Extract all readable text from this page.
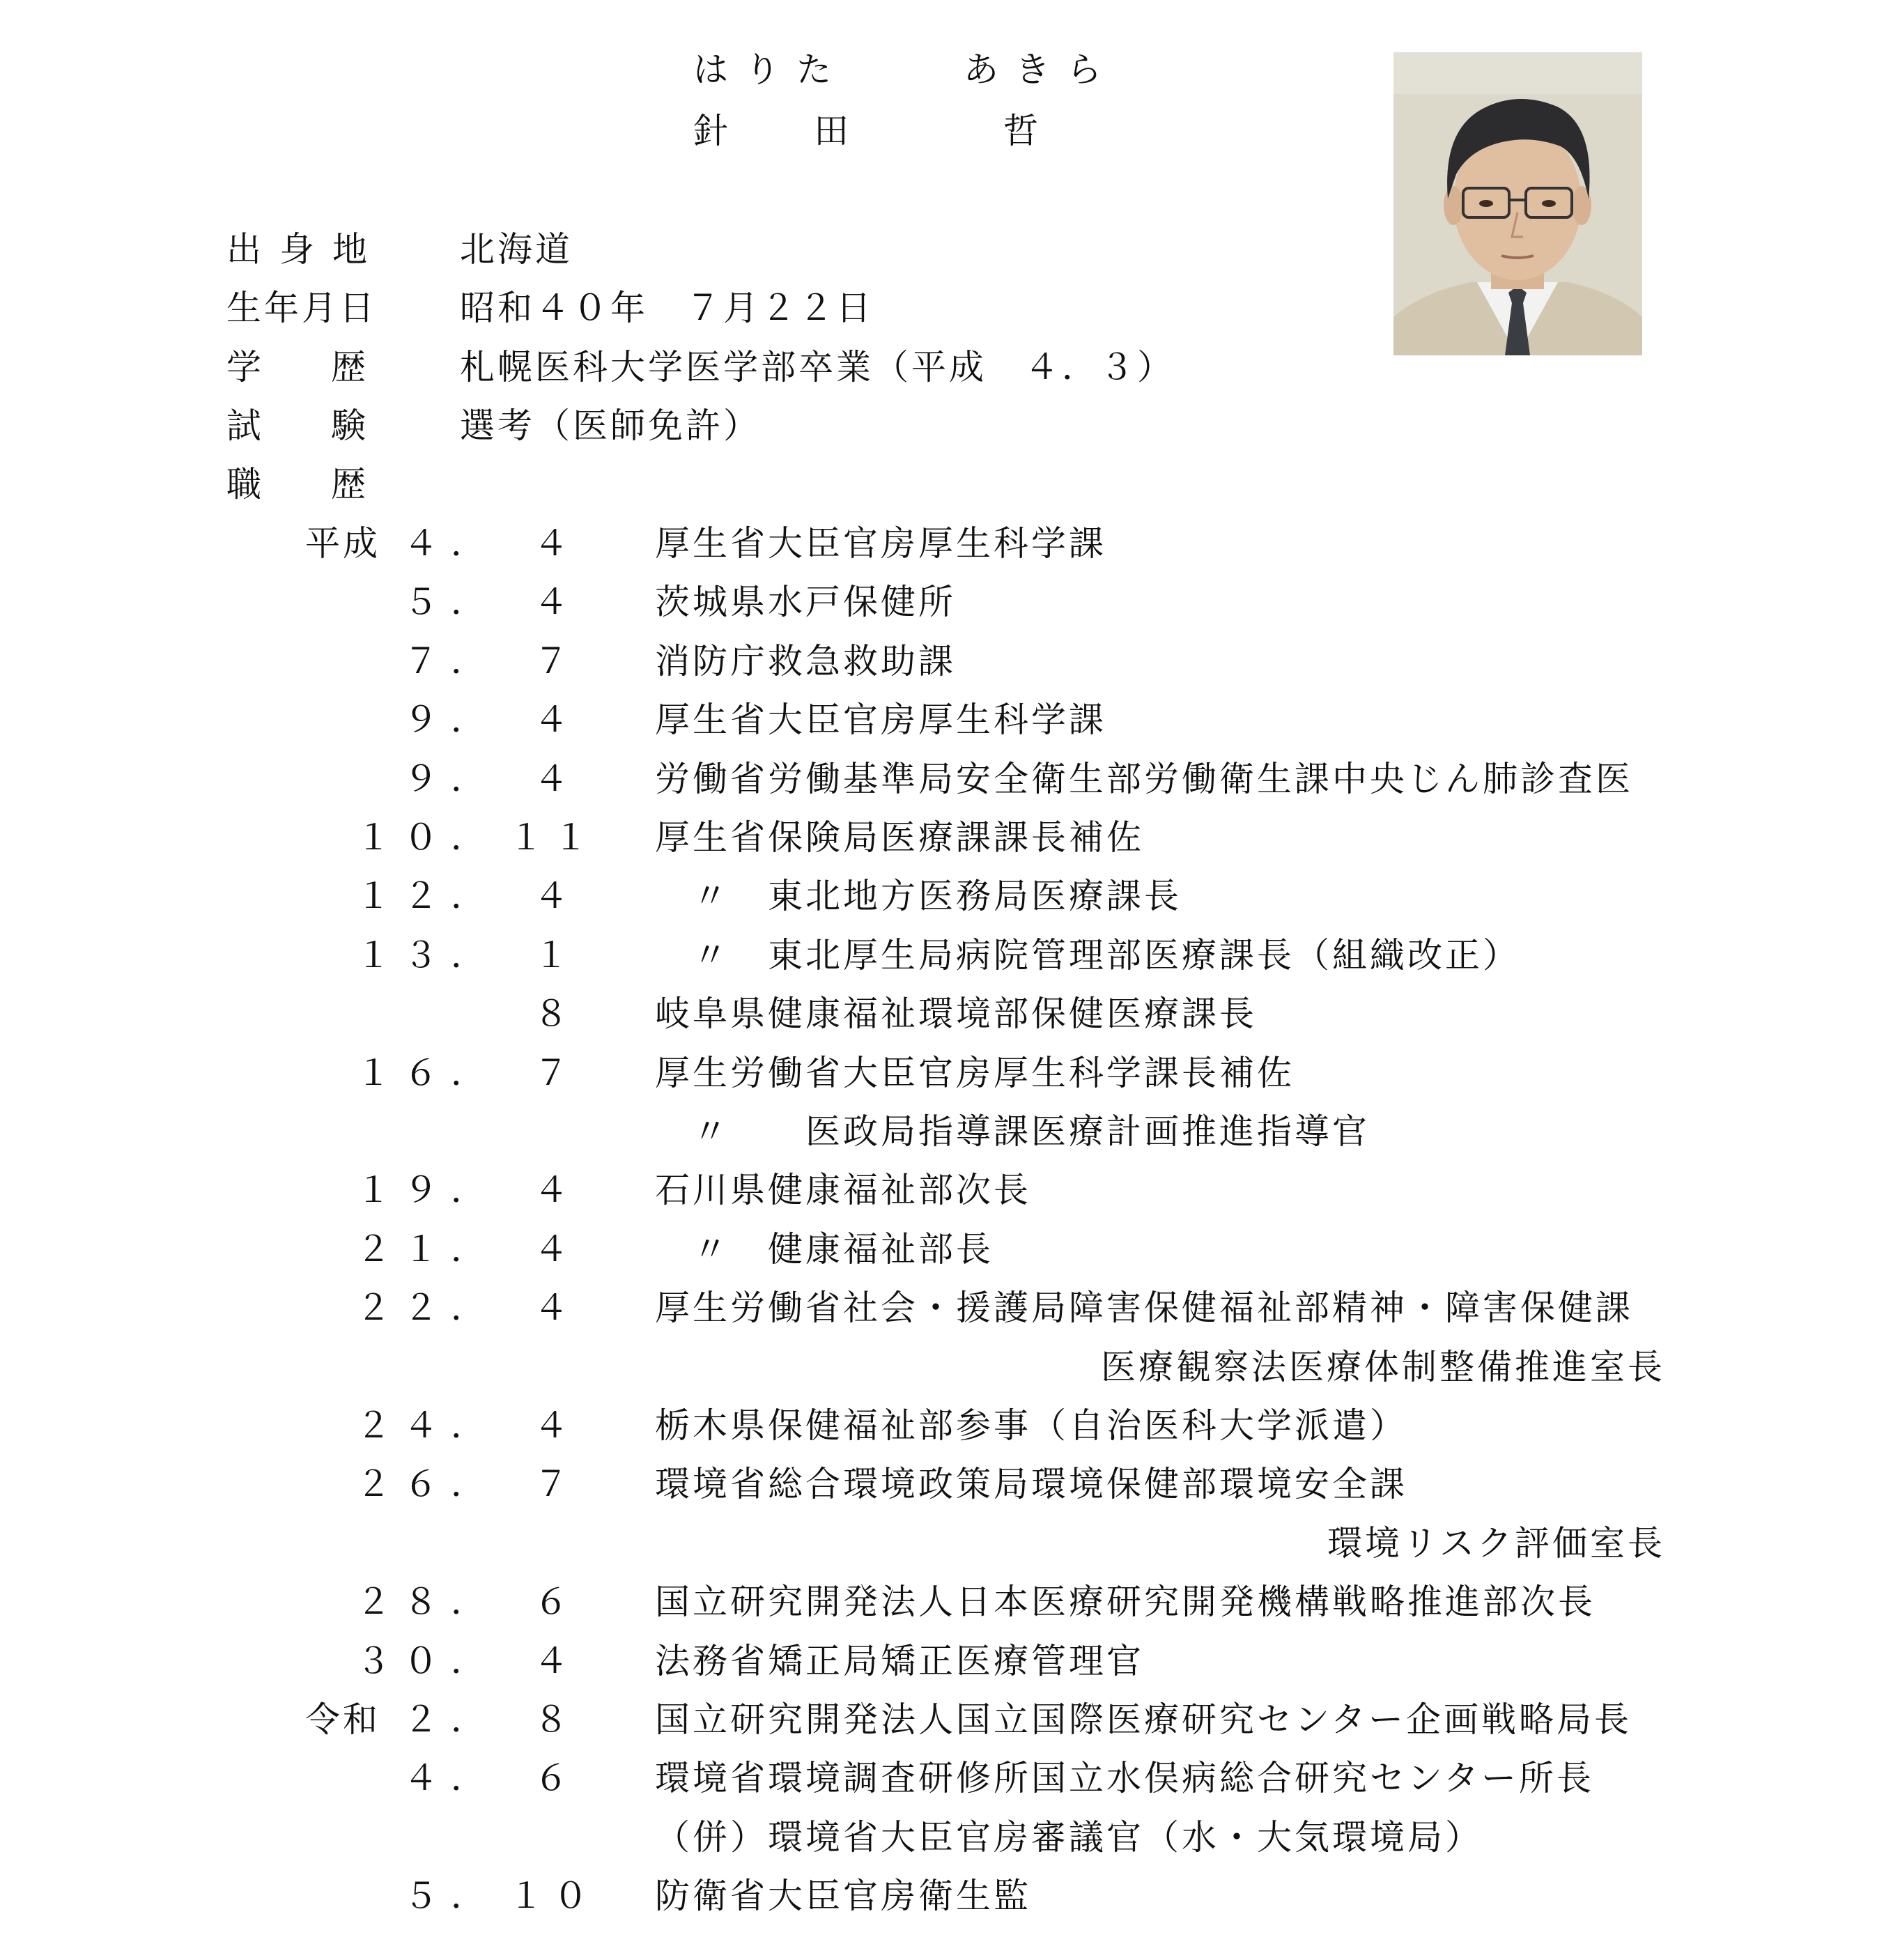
はりた	あきら
針 田	哲
出身地 北海道
生年月日 昭和４０年　７月２２日
学　　歴	札幌医科大学医学部卒業（平成　４．３）
試　　験	選考（医師免許）
職　　歴
平成 ４．	４ 厚生省大臣官房厚生科学課
５．	４ 茨城県水戸保健所
７．	７ 消防庁救急救助課
９．	４ 厚生省大臣官房厚生科学課
９．	４ 労働省労働基準局安全衛生部労働衛生課中央じん肺診査医
１０． １１ 厚生省保険局医療課課長補佐
１２．	４ 　〃　東北地方医務局医療課長
１３．	１ 　〃　東北厚生局病院管理部医療課長（組織改正）
８ 岐阜県健康福祉環境部保健医療課長
１６．	７ 厚生労働省大臣官房厚生科学課長補佐
　〃　　医政局指導課医療計画推進指導官
１９．	４ 石川県健康福祉部次長
２１．	４ 　〃　健康福祉部長
２２．	４ 厚生労働省社会・援護局障害保健福祉部精神・障害保健課
医療観察法医療体制整備推進室長
２４．	４ 栃木県保健福祉部参事（自治医科大学派遣）
２６．	７ 環境省総合環境政策局環境保健部環境安全課
環境リスク評価室長
２８．	６ 国立研究開発法人日本医療研究開発機構戦略推進部次長
３０．	４ 法務省矯正局矯正医療管理官
令和 ２．	８ 国立研究開発法人国立国際医療研究センター企画戦略局長
４．	６ 環境省環境調査研修所国立水俣病総合研究センター所長
（併）環境省大臣官房審議官（水・大気環境局）
５． １０ 防衛省大臣官房衛生監
